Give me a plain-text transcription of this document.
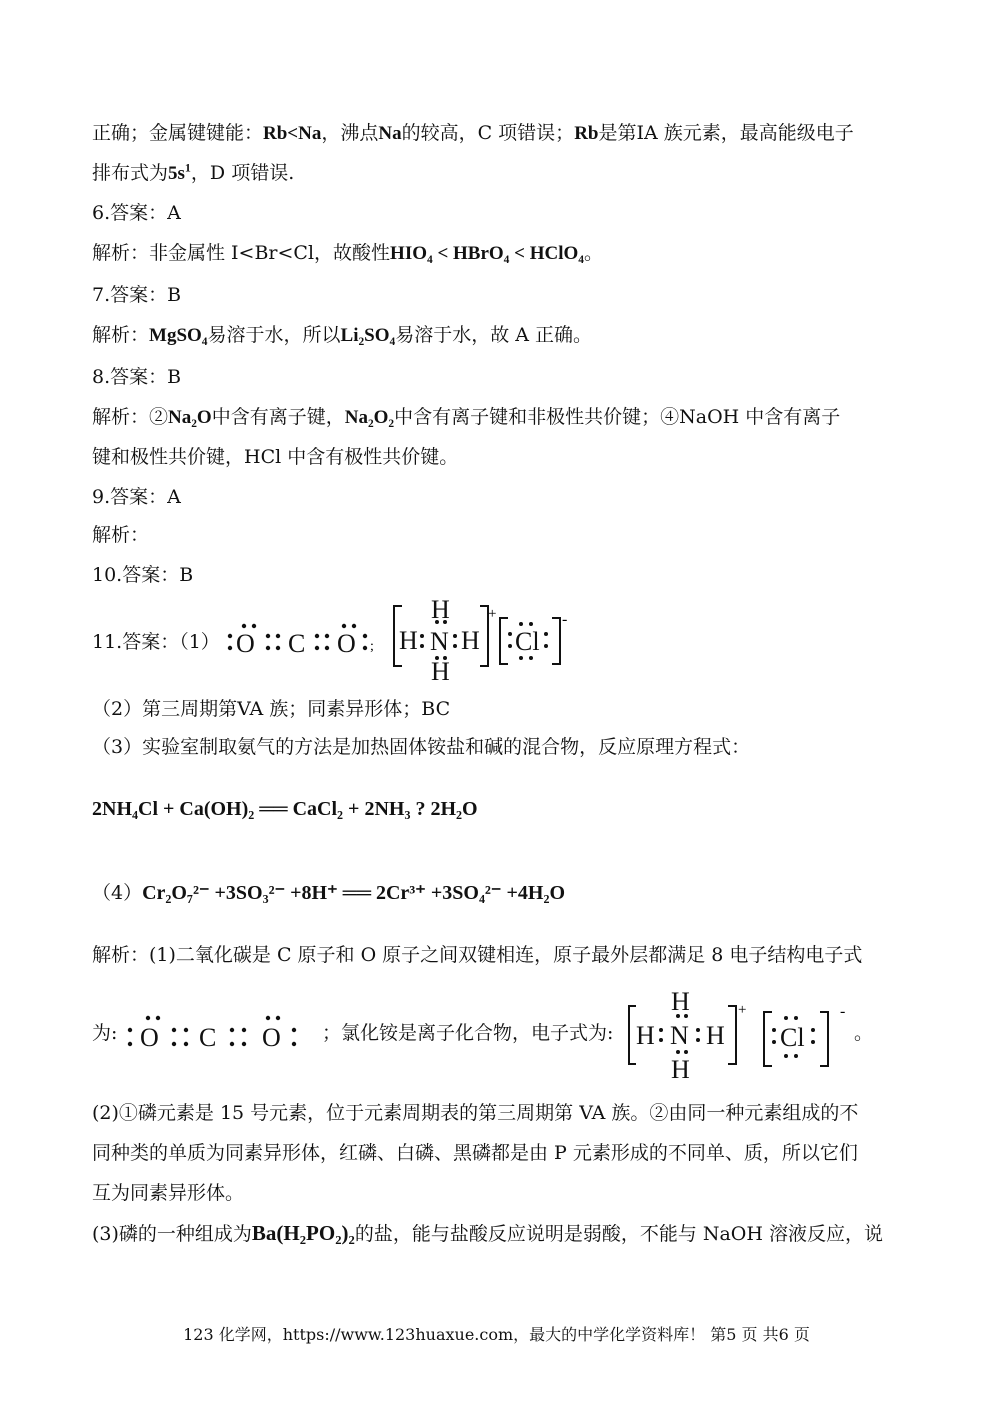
正确；金属键键能：Rb<Na，沸点Na的较高，C 项错误；Rb是第IA 族元素，最高能级电子
排布式为$5s^1$，D 项错误.
6.答案：A
解析：非金属性 I<Br<Cl，故酸性HIO₄ < HBrO₄ < HClO₄。
7.答案：B
解析：MgSO₄易溶于水，所以Li₂SO₄易溶于水，故 A 正确。
8.答案：B
解析：②Na₂O中含有离子键，Na₂O₂中含有离子键和非极性共价键；④NaOH 中含有离子
键和极性共价键，HCl 中含有极性共价键。
9.答案：A
解析：
10.答案：B
11.答案：（1） O C O ; H N
H
H
H
+
Cl
-
（2）第三周期第VA 族；同素异形体；BC
（3）实验室制取氨气的方法是加热固体铵盐和碱的混合物，反应原理方程式：
2NH₄Cl + Ca(OH)₂ ══ CaCl₂ + 2NH₃ ? 2H₂O
（4）Cr₂O₇²⁻ +3SO₃²⁻ +8H⁺ ══ 2Cr³⁺ +3SO₄²⁻ +4H₂O
解析：(1)二氧化碳是 C 原子和 O 原子之间双键相连，原子最外层都满足 8 电子结构电子式
为: O C O ；氯化铵是离子化合物，电子式为: H N
H
H
H
+
Cl
-
。
(2)①磷元素是 15 号元素，位于元素周期表的第三周期第 VA 族。②由同一种元素组成的不
同种类的单质为同素异形体，红磷、白磷、黑磷都是由 P 元素形成的不同单、质，所以它们
互为同素异形体。
(3)磷的一种组成为Ba(H₂PO₂)₂的盐，能与盐酸反应说明是弱酸，不能与 NaOH 溶液反应，说
123 化学网，https://www.123huaxue.com，最大的中学化学资料库！ 第5 页 共6 页
